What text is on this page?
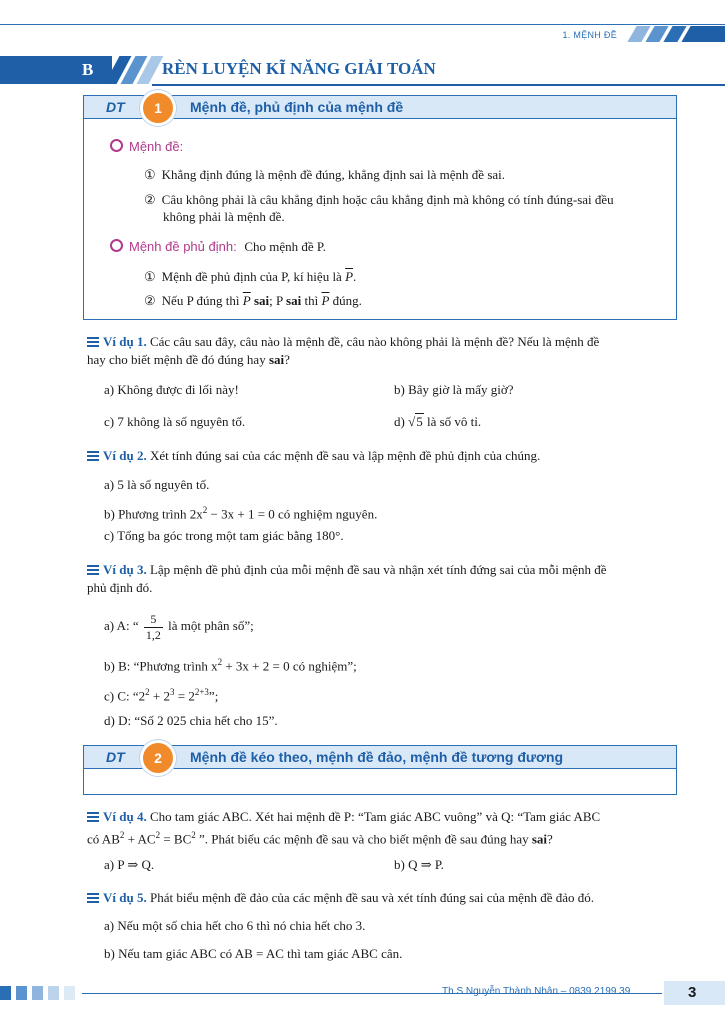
1. MỆNH ĐỀ
B	RÈN LUYỆN KĨ NĂNG GIẢI TOÁN
DT	1	Mệnh đề, phủ định của mệnh đề
Mệnh đề:
① Khẳng định đúng là mệnh đề đúng, khẳng định sai là mệnh đề sai.
② Câu không phải là câu khẳng định hoặc câu khẳng định mà không có tính đúng-sai đều
không phải là mệnh đề.
Mệnh đề phủ định: Cho mệnh đề P.
① Mệnh đề phủ định của P, kí hiệu là $\overline{P}$.
② Nếu P đúng thì $\overline{P}$ sai; P sai thì $\overline{P}$ đúng.
Ví dụ 1. Các câu sau đây, câu nào là mệnh đề, câu nào không phải là mệnh đề? Nếu là mệnh đề
hay cho biết mệnh đề đó đúng hay sai?
a) Không được đi lối này!	b) Bây giờ là mấy giờ?
c) 7 không là số nguyên tố.	d) √5 là số vô tỉ.
Ví dụ 2. Xét tính đúng sai của các mệnh đề sau và lập mệnh đề phủ định của chúng.
a) 5 là số nguyên tố.
b) Phương trình $2x^2 - 3x + 1 = 0$ có nghiệm nguyên.
c) Tổng ba góc trong một tam giác bằng 180°.
Ví dụ 3. Lập mệnh đề phủ định của mỗi mệnh đề sau và nhận xét tính đứng sai của mỗi mệnh đề
phủ định đó.
a) A: “ $\frac{5}{1,2}$ là một phân số”;
b) B: “Phương trình $x^2 + 3x + 2 = 0$ có nghiệm”;
c) C: “$2^2 + 2^3 = 2^{2+3}$”;
d) D: “Số 2 025 chia hết cho 15”.
DT	2	Mệnh đề kéo theo, mệnh đề đảo, mệnh đề tương đương
Ví dụ 4. Cho tam giác ABC. Xét hai mệnh đề P: “Tam giác ABC vuông” và Q: “Tam giác ABC
có $AB^2 + AC^2 = BC^2$ ”. Phát biểu các mệnh đề sau và cho biết mệnh đề sau đúng hay sai?
a) P ⇒ Q.	b) Q ⇒ P.
Ví dụ 5. Phát biểu mệnh đề đảo của các mệnh đề sau và xét tính đúng sai của mệnh đề đảo đó.
a) Nếu một số chia hết cho 6 thì nó chia hết cho 3.
b) Nếu tam giác ABC có AB = AC thì tam giác ABC cân.
Th.S Nguyễn Thành Nhân – 0839.2199.39	3
